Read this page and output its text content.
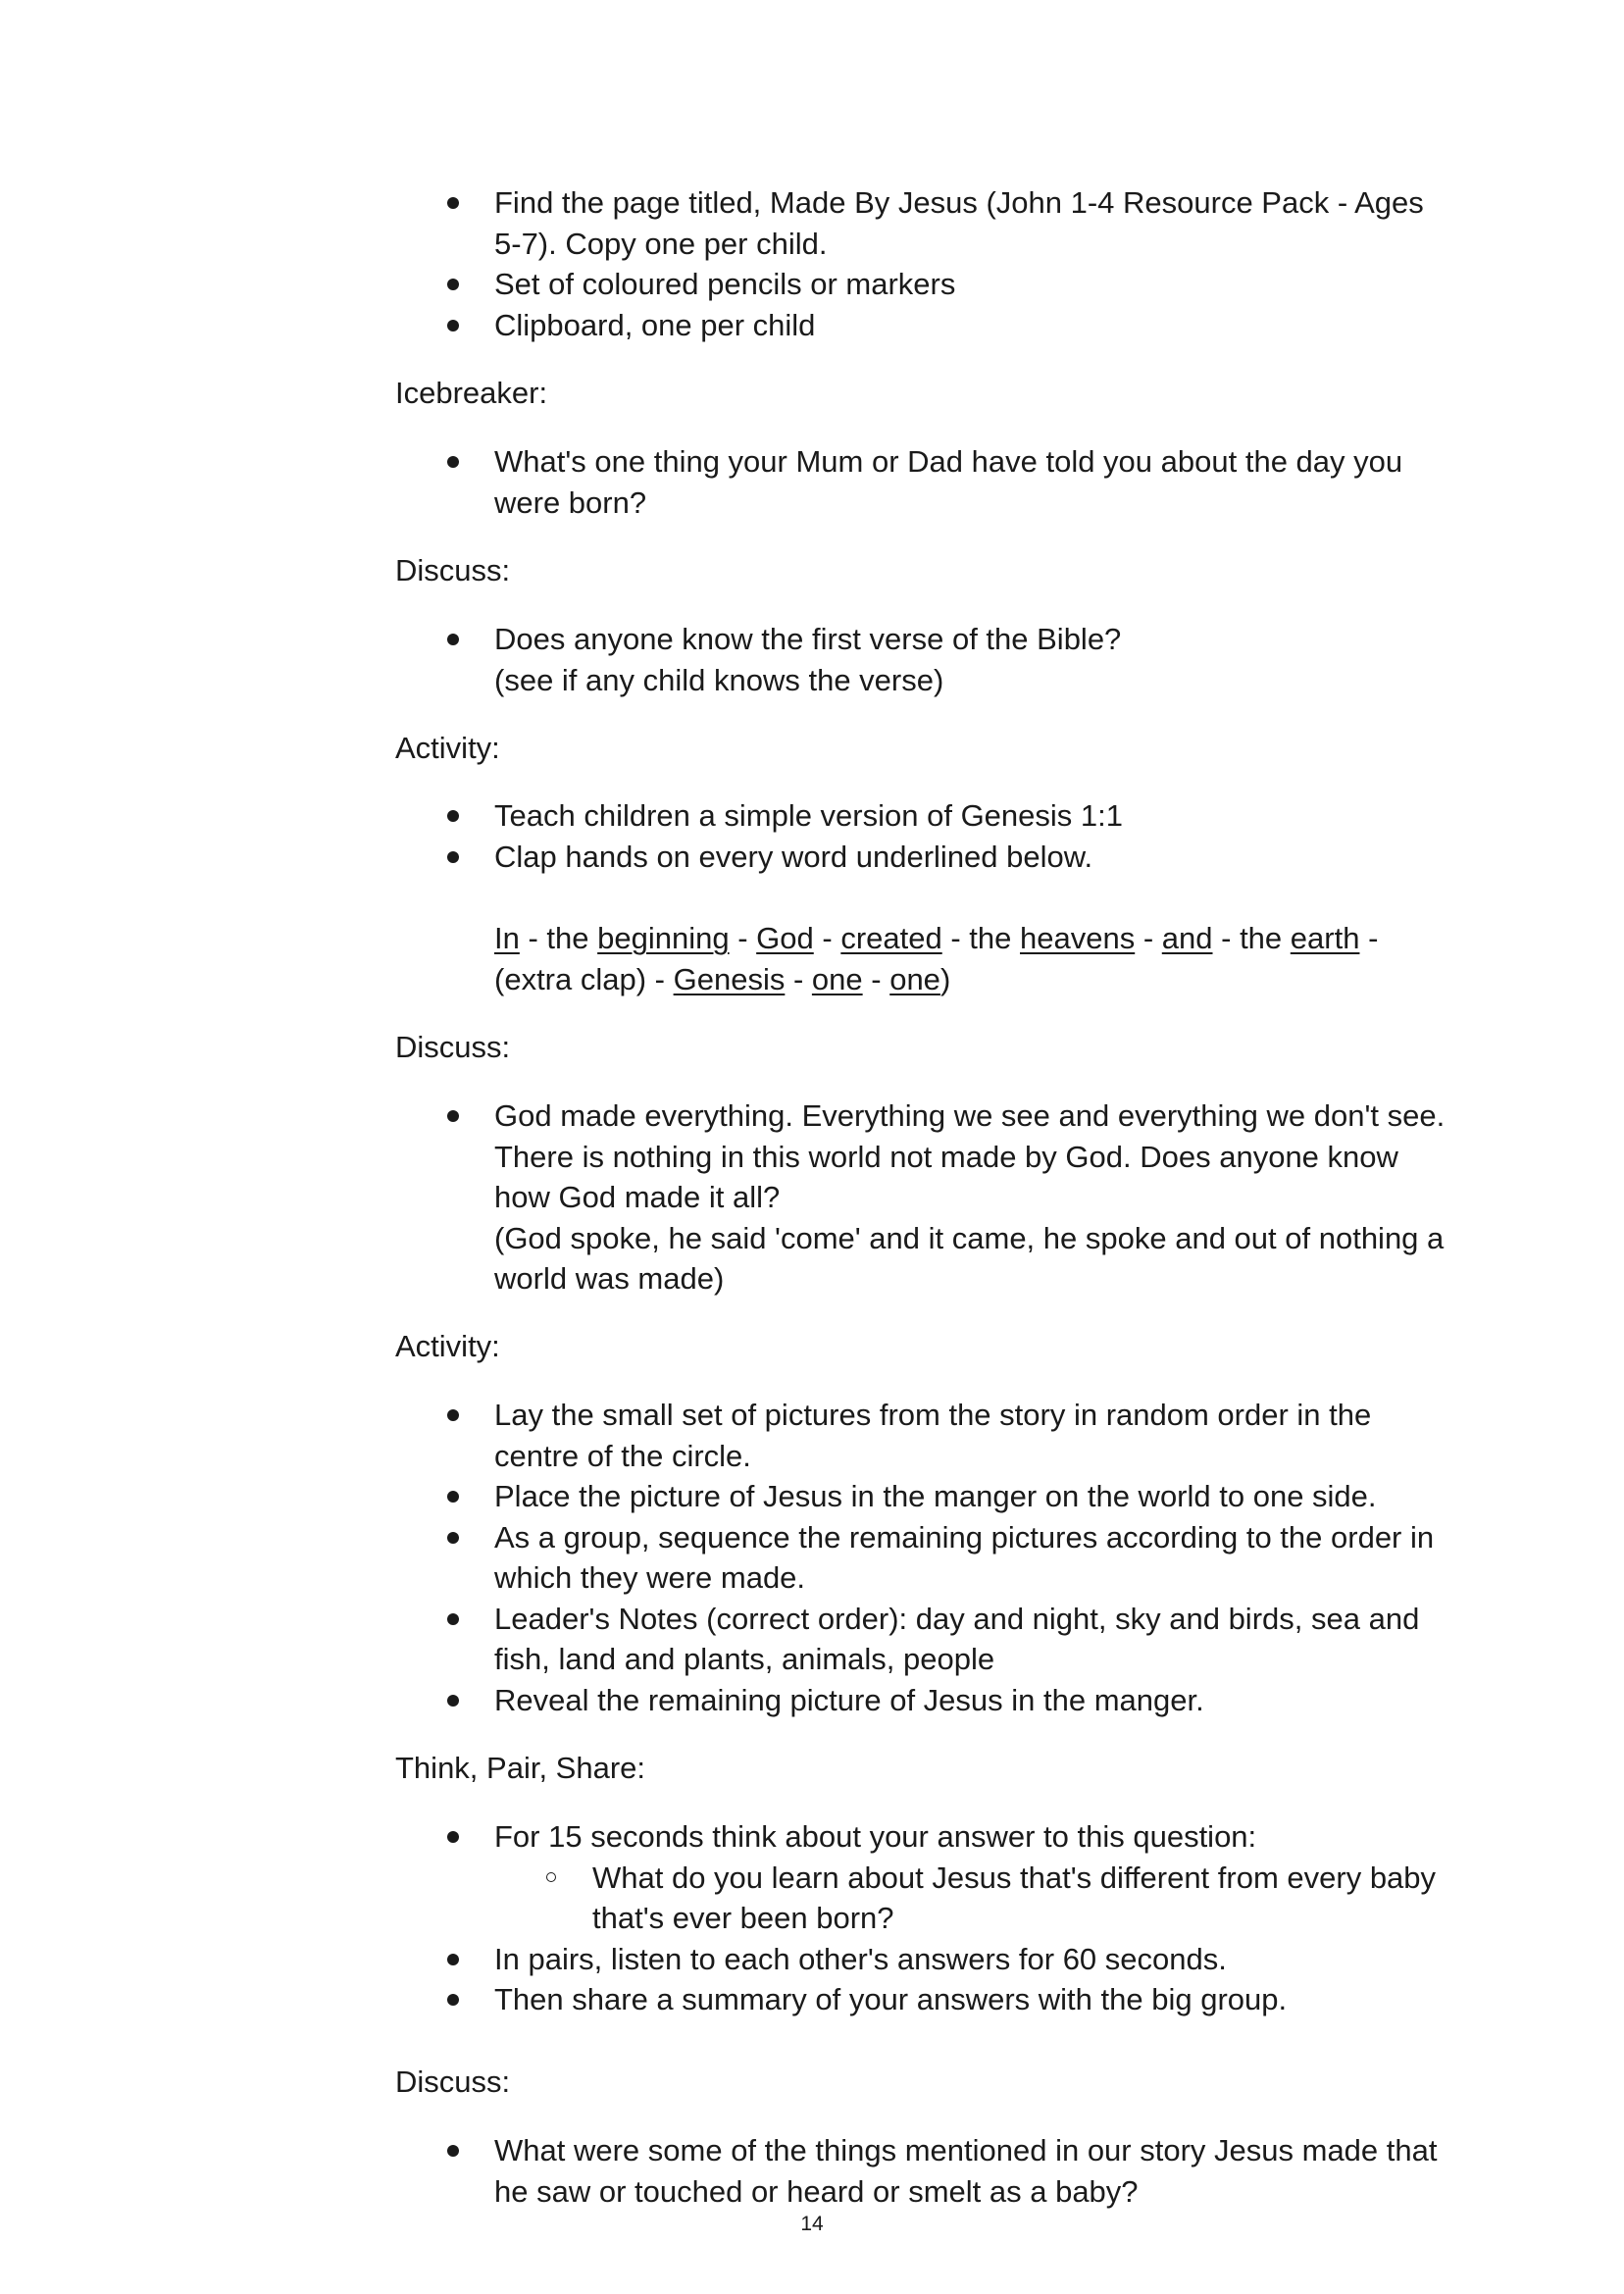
Find the page titled, Made By Jesus (John 1-4 Resource Pack - Ages 5-7). Copy one per child.
Set of coloured pencils or markers
Clipboard, one per child
Icebreaker:
What's one thing your Mum or Dad have told you about the day you were born?
Discuss:
Does anyone know the first verse of the Bible?
(see if any child knows the verse)
Activity:
Teach children a simple version of Genesis 1:1
Clap hands on every word underlined below.
In - the beginning - God - created - the heavens - and - the earth - (extra clap) - Genesis - one - one)
Discuss:
God made everything. Everything we see and everything we don't see. There is nothing in this world not made by God. Does anyone know how God made it all?
(God spoke, he said 'come' and it came, he spoke and out of nothing a world was made)
Activity:
Lay the small set of pictures from the story in random order in the centre of the circle.
Place the picture of Jesus in the manger on the world to one side.
As a group, sequence the remaining pictures according to the order in which they were made.
Leader's Notes (correct order): day and night, sky and birds, sea and fish, land and plants, animals, people
Reveal the remaining picture of Jesus in the manger.
Think, Pair, Share:
For 15 seconds think about your answer to this question:
What do you learn about Jesus that's different from every baby that's ever been born?
In pairs, listen to each other's answers for 60 seconds.
Then share a summary of your answers with the big group.
Discuss:
What were some of the things mentioned in our story Jesus made that he saw or touched or heard or smelt as a baby?
14
